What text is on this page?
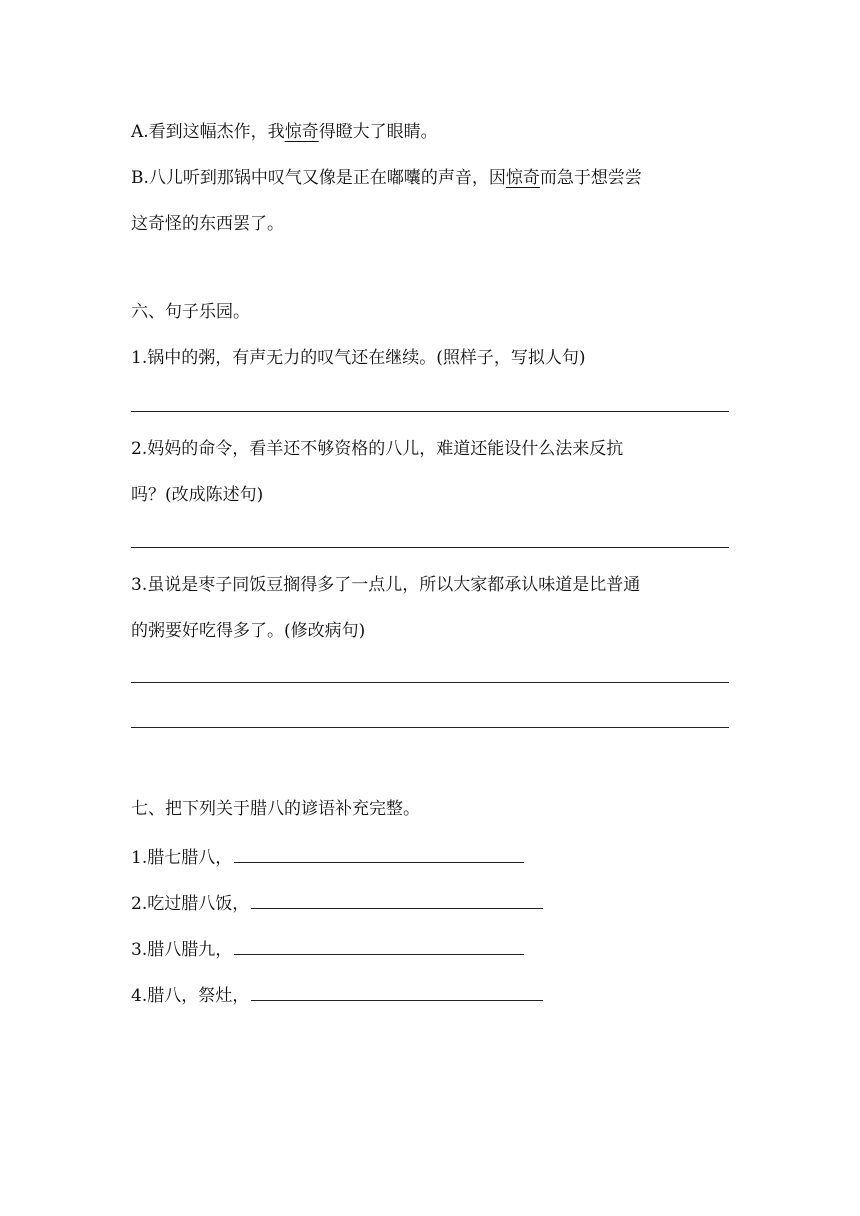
A.看到这幅杰作，我惊奇得瞪大了眼睛。
B.八儿听到那锅中叹气又像是正在嘟囔的声音，因惊奇而急于想尝尝
这奇怪的东西罢了。
六、句子乐园。
1.锅中的粥，有声无力的叹气还在继续。(照样子，写拟人句)
2.妈妈的命令，看羊还不够资格的八儿，难道还能设什么法来反抗
吗？(改成陈述句)
3.虽说是枣子同饭豆搁得多了一点儿，所以大家都承认味道是比普通
的粥要好吃得多了。(修改病句)
七、把下列关于腊八的谚语补充完整。
1.腊七腊八，
2.吃过腊八饭，
3.腊八腊九，
4.腊八，祭灶，
